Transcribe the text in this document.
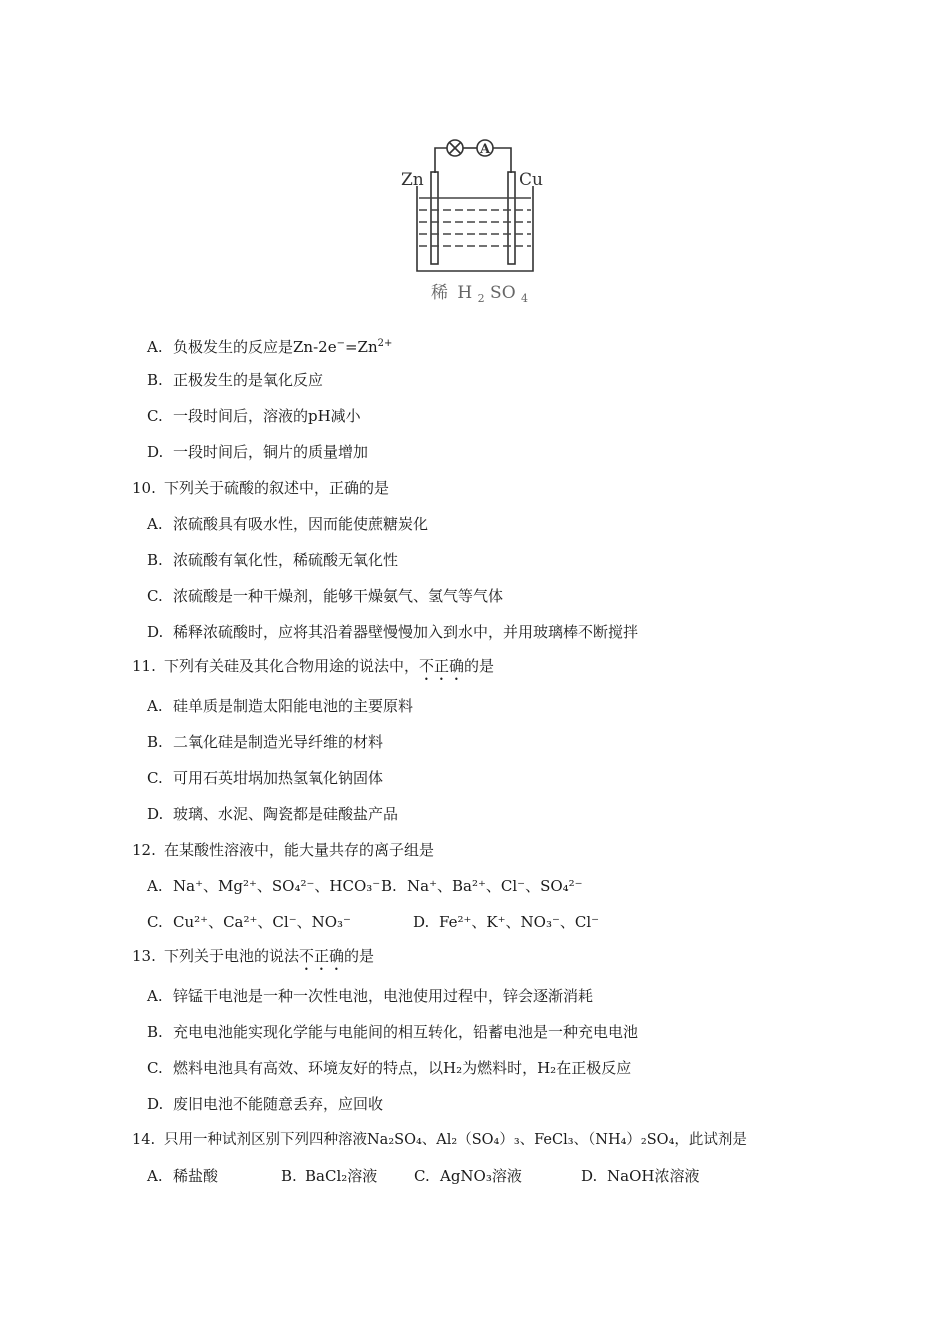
A
Zn	Cu
稀 H $_2$ SO $_4$
A. 负极发生的反应是$Zn-2e^-=Zn^{2+}$
B. 正极发生的是氧化反应
C. 一段时间后，溶液的pH减小
D. 一段时间后，铜片的质量增加
10. 下列关于硫酸的叙述中，正确的是
A. 浓硫酸具有吸水性，因而能使蔗糖炭化
B. 浓硫酸有氧化性，稀硫酸无氧化性
C. 浓硫酸是一种干燥剂，能够干燥氨气、氢气等气体
D. 稀释浓硫酸时，应将其沿着器壁慢慢加入到水中，并用玻璃棒不断搅拌
11. 下列有关硅及其化合物用途的说法中，不正确的是
A. 硅单质是制造太阳能电池的主要原料
B. 二氧化硅是制造光导纤维的材料
C. 可用石英坩埚加热氢氧化钠固体
D. 玻璃、水泥、陶瓷都是硅酸盐产品
12. 在某酸性溶液中，能大量共存的离子组是
A. Na⁺、Mg²⁺、SO₄²⁻、HCO₃⁻ B. Na⁺、Ba²⁺、Cl⁻、SO₄²⁻
C. Cu²⁺、Ca²⁺、Cl⁻、NO₃⁻	D. Fe²⁺、K⁺、NO₃⁻、Cl⁻
13. 下列关于电池的说法不正确的是
A. 锌锰干电池是一种一次性电池，电池使用过程中，锌会逐渐消耗
B. 充电电池能实现化学能与电能间的相互转化，铅蓄电池是一种充电电池
C. 燃料电池具有高效、环境友好的特点，以H₂为燃料时，H₂在正极反应
D. 废旧电池不能随意丢弃，应回收
14. 只用一种试剂区别下列四种溶液Na₂SO₄、Al₂（SO₄）₃、FeCl₃、（NH₄）₂SO₄，此试剂是
A. 稀盐酸	B. BaCl₂溶液 C. AgNO₃溶液	D. NaOH浓溶液
